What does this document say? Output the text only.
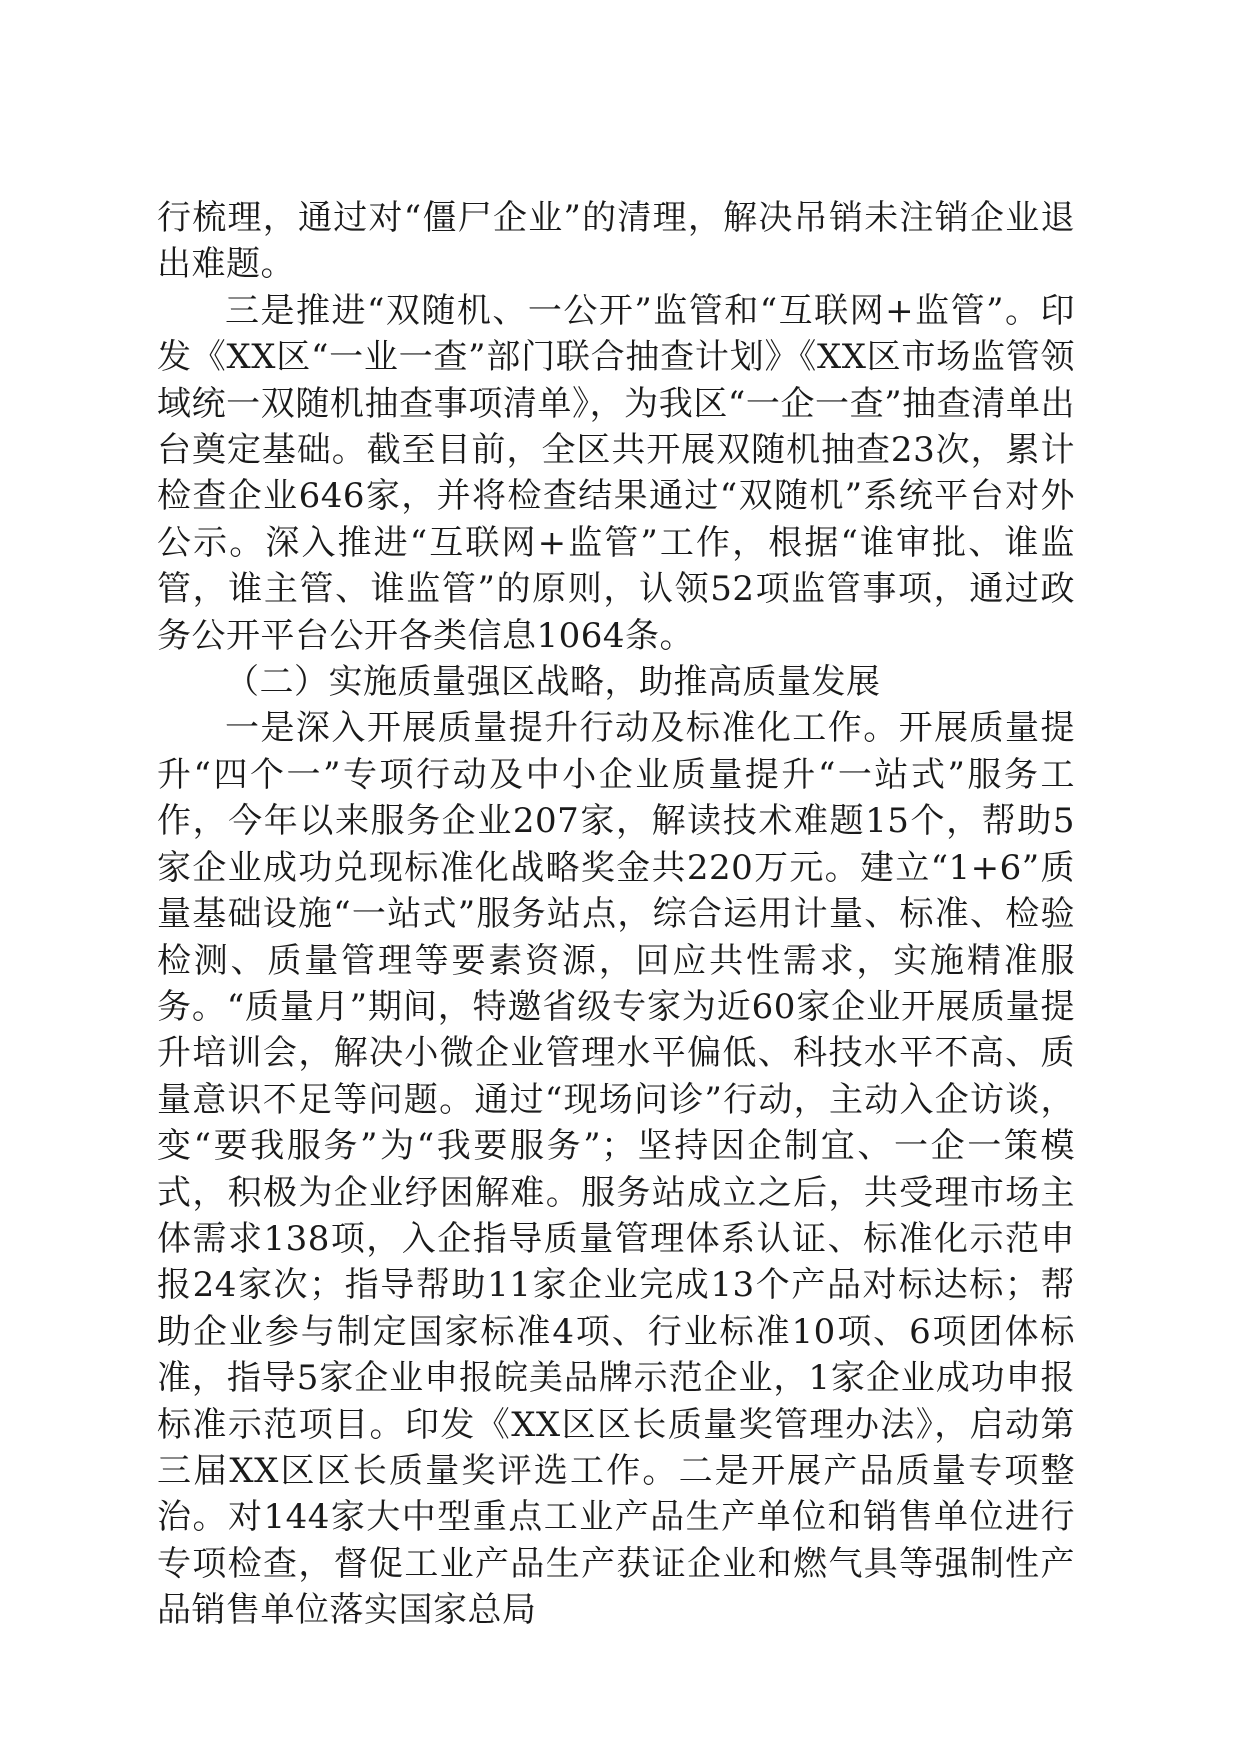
行梳理，通过对“僵尸企业”的清理，解决吊销未注销企业退出难题。

三是推进“双随机、一公开”监管和“互联网+监管”。印发《XX区“一业一查”部门联合抽查计划》《XX区市场监管领域统一双随机抽查事项清单》，为我区“一企一查”抽查清单出台奠定基础。截至目前，全区共开展双随机抽查23次，累计检查企业646家，并将检查结果通过“双随机”系统平台对外公示。深入推进“互联网+监管”工作，根据“谁审批、谁监管，谁主管、谁监管”的原则，认领52项监管事项，通过政务公开平台公开各类信息1064条。

（二）实施质量强区战略，助推高质量发展

一是深入开展质量提升行动及标准化工作。开展质量提升“四个一”专项行动及中小企业质量提升“一站式”服务工作，今年以来服务企业207家，解读技术难题15个，帮助5家企业成功兑现标准化战略奖金共220万元。建立“1+6”质量基础设施“一站式”服务站点，综合运用计量、标准、检验检测、质量管理等要素资源，回应共性需求，实施精准服务。“质量月”期间，特邀省级专家为近60家企业开展质量提升培训会，解决小微企业管理水平偏低、科技水平不高、质量意识不足等问题。通过“现场问诊”行动，主动入企访谈，变“要我服务”为“我要服务”；坚持因企制宜、一企一策模式，积极为企业纾困解难。服务站成立之后，共受理市场主体需求138项，入企指导质量管理体系认证、标准化示范申报24家次；指导帮助11家企业完成13个产品对标达标；帮助企业参与制定国家标准4项、行业标准10项、6项团体标准，指导5家企业申报皖美品牌示范企业，1家企业成功申报标准示范项目。印发《XX区区长质量奖管理办法》，启动第三届XX区区长质量奖评选工作。二是开展产品质量专项整治。对144家大中型重点工业产品生产单位和销售单位进行专项检查，督促工业产品生产获证企业和燃气具等强制性产品销售单位落实国家总局
